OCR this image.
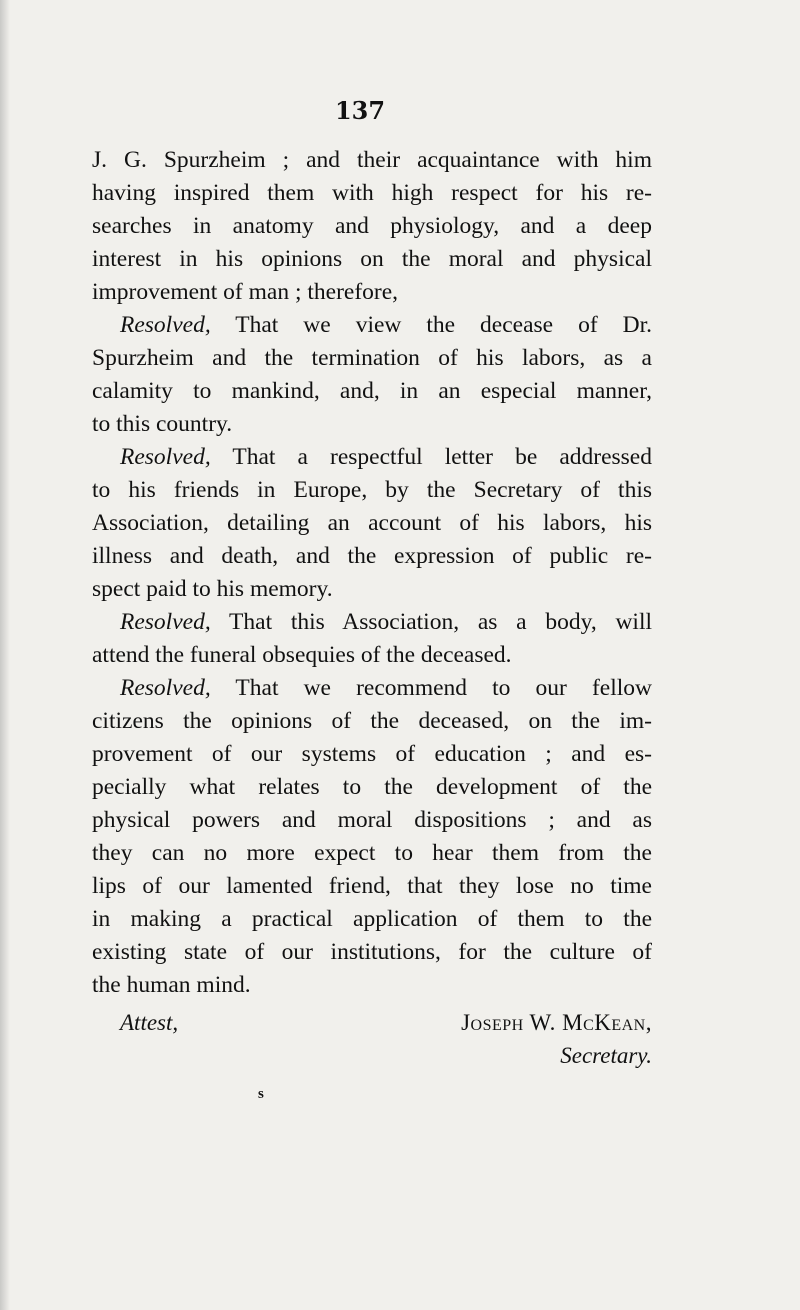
137
J. G. Spurzheim ; and their acquaintance with him
having inspired them with high respect for his re-
searches in anatomy and physiology, and a deep
interest in his opinions on the moral and physical
improvement of man ; therefore,
Resolved, That we view the decease of Dr.
Spurzheim and the termination of his labors, as a
calamity to mankind, and, in an especial manner,
to this country.
Resolved, That a respectful letter be addressed
to his friends in Europe, by the Secretary of this
Association, detailing an account of his labors, his
illness and death, and the expression of public re-
spect paid to his memory.
Resolved, That this Association, as a body, will
attend the funeral obsequies of the deceased.
Resolved, That we recommend to our fellow
citizens the opinions of the deceased, on the im-
provement of our systems of education ; and es-
pecially what relates to the development of the
physical powers and moral dispositions ; and as
they can no more expect to hear them from the
lips of our lamented friend, that they lose no time
in making a practical application of them to the
existing state of our institutions, for the culture of
the human mind.
Attest,	Joseph W. McKean,
Secretary.
s
